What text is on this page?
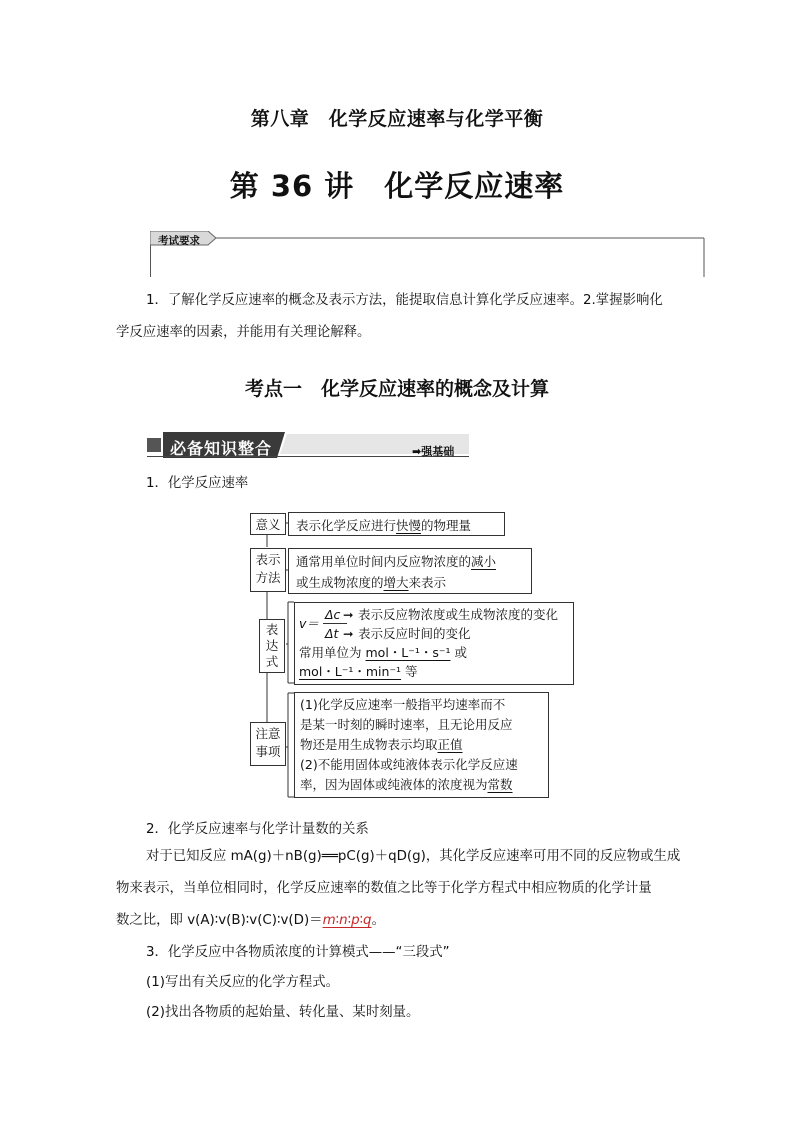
第八章　化学反应速率与化学平衡
第 36 讲　化学反应速率
考试要求
1．了解化学反应速率的概念及表示方法，能提取信息计算化学反应速率。2.掌握影响化
学反应速率的因素，并能用有关理论解释。
考点一　化学反应速率的概念及计算
必备知识整合	➡强基础
1．化学反应速率
意义	表示化学反应进行快慢的物理量
表示
方法
通常用单位时间内反应物浓度的减小
或生成物浓度的增大来表示
表
达
式
v＝
Δc
Δt
➞
➞
表示反应物浓度或生成物浓度的变化
表示反应时间的变化
常用单位为 mol・L⁻¹・s⁻¹ 或
mol・L⁻¹・min⁻¹ 等
注意
事项
(1)化学反应速率一般指平均速率而不
是某一时刻的瞬时速率，且无论用反应
物还是用生成物表示均取正值
(2)不能用固体或纯液体表示化学反应速
率，因为固体或纯液体的浓度视为常数
2．化学反应速率与化学计量数的关系
对于已知反应 mA(g)＋nB(g)══pC(g)＋qD(g)，其化学反应速率可用不同的反应物或生成
物来表示，当单位相同时，化学反应速率的数值之比等于化学方程式中相应物质的化学计量
数之比，即 v(A)∶v(B)∶v(C)∶v(D)＝m∶n∶p∶q。
3．化学反应中各物质浓度的计算模式——“三段式”
(1)写出有关反应的化学方程式。
(2)找出各物质的起始量、转化量、某时刻量。
